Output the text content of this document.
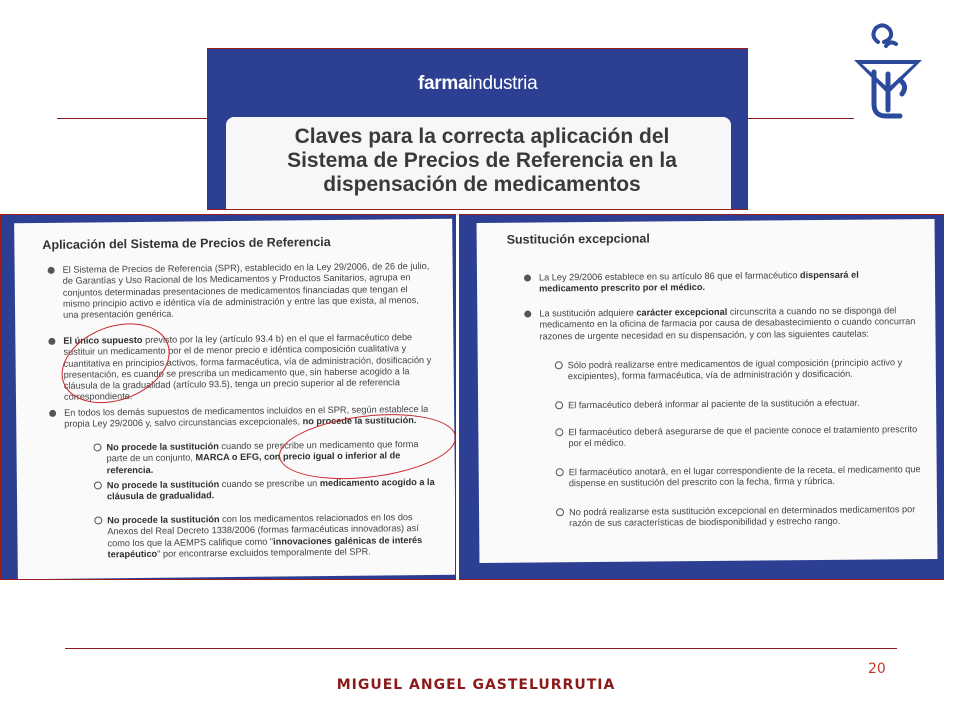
farmaindustria
Claves para la correcta aplicación del
Sistema de Precios de Referencia en la
dispensación de medicamentos
Aplicación del Sistema de Precios de Referencia
El Sistema de Precios de Referencia (SPR), establecido en la Ley 29/2006, de 26 de julio, de Garantías y Uso Racional de los Medicamentos y Productos Sanitarios, agrupa en conjuntos determinadas presentaciones de medicamentos financiadas que tengan el mismo principio activo e idéntica vía de administración y entre las que exista, al menos, una presentación genérica.
El único supuesto previsto por la ley (artículo 93.4 b) en el que el farmacéutico debe sustituir un medicamento por el de menor precio e idéntica composición cualitativa y cuantitativa en principios activos, forma farmacéutica, vía de administración, dosificación y presentación, es cuando se prescriba un medicamento que, sin haberse acogido a la cláusula de la gradualidad (artículo 93.5), tenga un precio superior al de referencia correspondiente.
En todos los demás supuestos de medicamentos incluidos en el SPR, según establece la propia Ley 29/2006 y, salvo circunstancias excepcionales, no procede la sustitución.
No procede la sustitución cuando se prescribe un medicamento que forma parte de un conjunto, MARCA o EFG, con precio igual o inferior al de referencia.
No procede la sustitución cuando se prescribe un medicamento acogido a la cláusula de gradualidad.
No procede la sustitución con los medicamentos relacionados en los dos Anexos del Real Decreto 1338/2006 (formas farmacéuticas innovadoras) así como los que la AEMPS califique como "innovaciones galénicas de interés terapéutico" por encontrarse excluidos temporalmente del SPR.
Sustitución excepcional
La Ley 29/2006 establece en su artículo 86 que el farmacéutico dispensará el medicamento prescrito por el médico.
La sustitución adquiere carácter excepcional circunscrita a cuando no se disponga del medicamento en la oficina de farmacia por causa de desabastecimiento o cuando concurran razones de urgente necesidad en su dispensación, y con las siguientes cautelas:
Sólo podrá realizarse entre medicamentos de igual composición (principio activo y excipientes), forma farmacéutica, vía de administración y dosificación.
El farmacéutico deberá informar al paciente de la sustitución a efectuar.
El farmacéutico deberá asegurarse de que el paciente conoce el tratamiento prescrito por el médico.
El farmacéutico anotará, en el lugar correspondiente de la receta, el medicamento que dispense en sustitución del prescrito con la fecha, firma y rúbrica.
No podrá realizarse esta sustitución excepcional en determinados medicamentos por razón de sus características de biodisponibilidad y estrecho rango.
20
MIGUEL ANGEL GASTELURRUTIA
